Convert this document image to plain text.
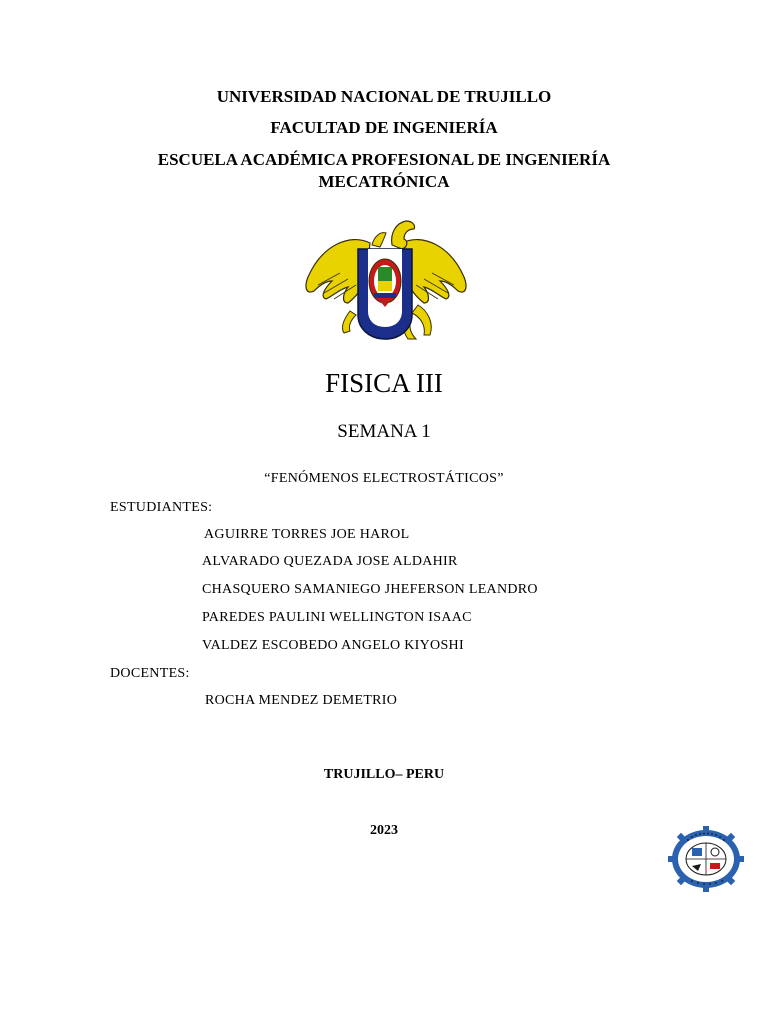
UNIVERSIDAD NACIONAL DE TRUJILLO
FACULTAD DE INGENIERÍA
ESCUELA ACADÉMICA PROFESIONAL DE INGENIERÍA
MECATRÓNICA
FISICA III
SEMANA 1
“FENÓMENOS ELECTROSTÁTICOS”
ESTUDIANTES:
AGUIRRE TORRES JOE HAROL
ALVARADO QUEZADA JOSE ALDAHIR
CHASQUERO SAMANIEGO JHEFERSON LEANDRO
PAREDES PAULINI WELLINGTON ISAAC
VALDEZ ESCOBEDO ANGELO KIYOSHI
DOCENTES:
ROCHA MENDEZ DEMETRIO
TRUJILLO– PERU
2023
